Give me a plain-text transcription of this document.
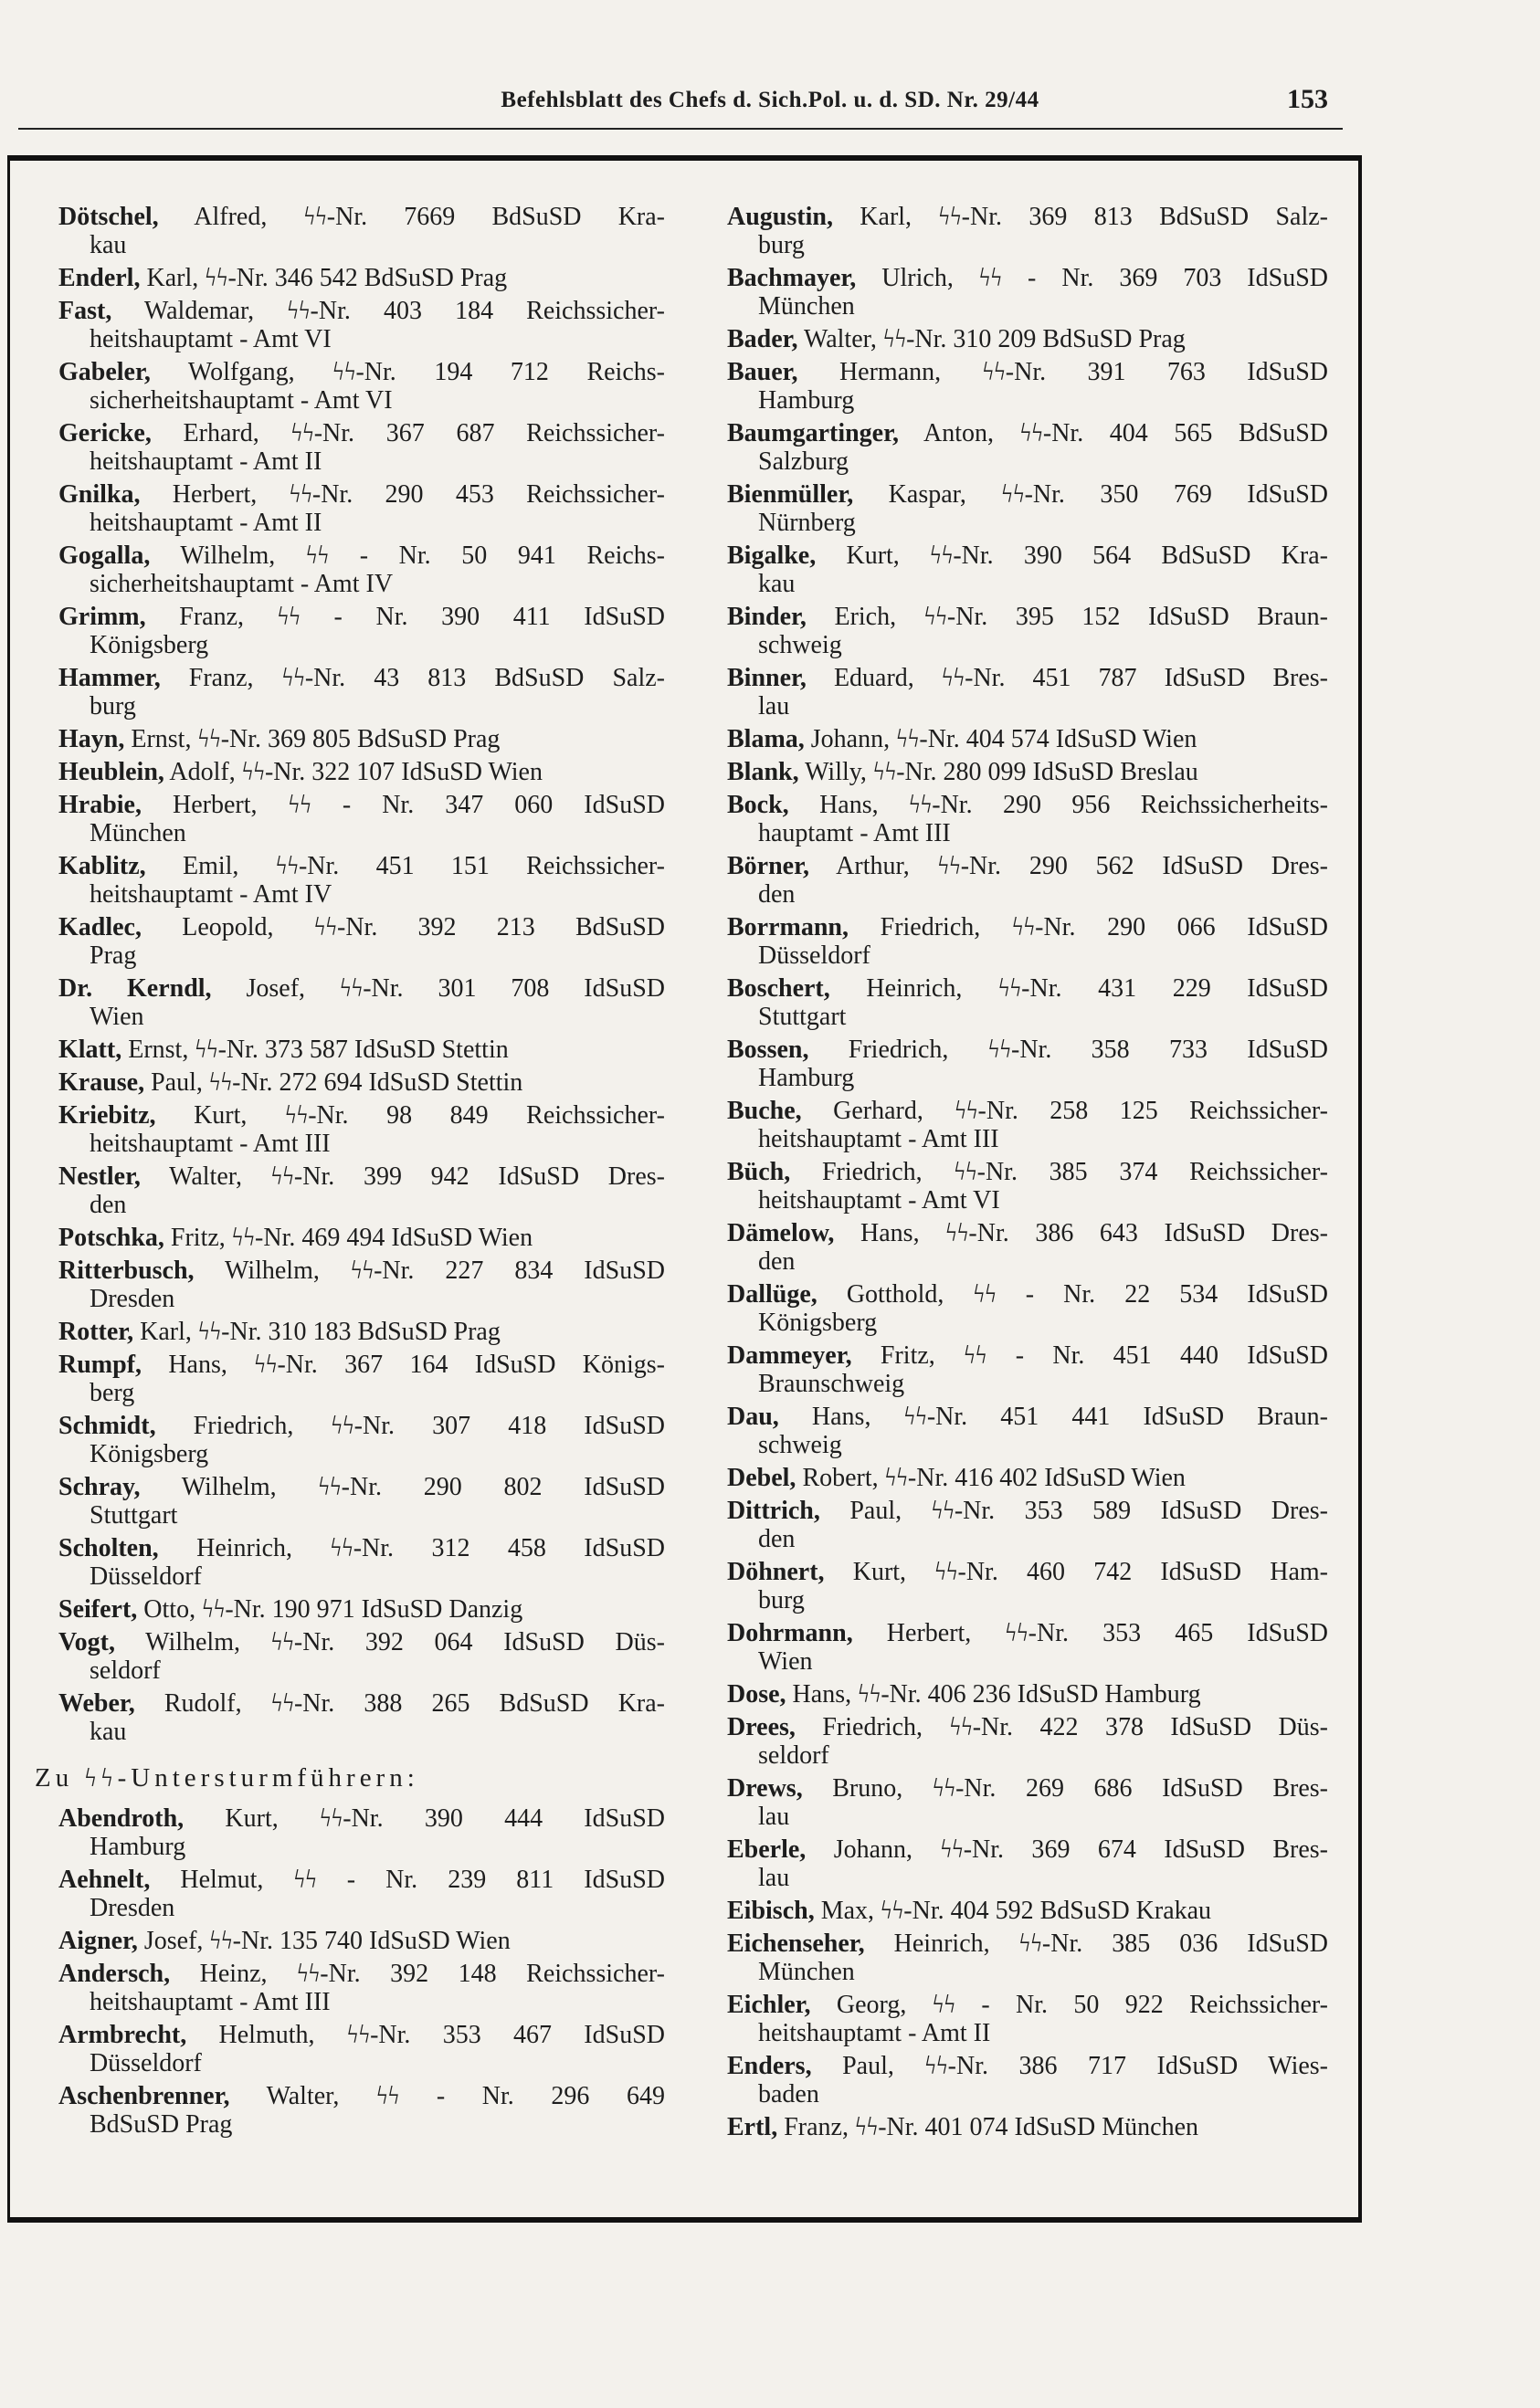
Befehlsblatt des Chefs d. Sich.Pol. u. d. SD. Nr. 29/44	153
Dötschel, Alfred, ϟϟ-Nr. 7669 BdSuSD Kra-
kau
Enderl, Karl, ϟϟ-Nr. 346 542 BdSuSD Prag
Fast, Waldemar, ϟϟ-Nr. 403 184 Reichssicher-
heitshauptamt - Amt VI
Gabeler, Wolfgang, ϟϟ-Nr. 194 712 Reichs-
sicherheitshauptamt - Amt VI
Gericke, Erhard, ϟϟ-Nr. 367 687 Reichssicher-
heitshauptamt - Amt II
Gnilka, Herbert, ϟϟ-Nr. 290 453 Reichssicher-
heitshauptamt - Amt II
Gogalla, Wilhelm, ϟϟ - Nr. 50 941 Reichs-
sicherheitshauptamt - Amt IV
Grimm, Franz, ϟϟ - Nr. 390 411 IdSuSD
Königsberg
Hammer, Franz, ϟϟ-Nr. 43 813 BdSuSD Salz-
burg
Hayn, Ernst, ϟϟ-Nr. 369 805 BdSuSD Prag
Heublein, Adolf, ϟϟ-Nr. 322 107 IdSuSD Wien
Hrabie, Herbert, ϟϟ - Nr. 347 060 IdSuSD
München
Kablitz, Emil, ϟϟ-Nr. 451 151 Reichssicher-
heitshauptamt - Amt IV
Kadlec, Leopold, ϟϟ-Nr. 392 213 BdSuSD
Prag
Dr. Kerndl, Josef, ϟϟ-Nr. 301 708 IdSuSD
Wien
Klatt, Ernst, ϟϟ-Nr. 373 587 IdSuSD Stettin
Krause, Paul, ϟϟ-Nr. 272 694 IdSuSD Stettin
Kriebitz, Kurt, ϟϟ-Nr. 98 849 Reichssicher-
heitshauptamt - Amt III
Nestler, Walter, ϟϟ-Nr. 399 942 IdSuSD Dres-
den
Potschka, Fritz, ϟϟ-Nr. 469 494 IdSuSD Wien
Ritterbusch, Wilhelm, ϟϟ-Nr. 227 834 IdSuSD
Dresden
Rotter, Karl, ϟϟ-Nr. 310 183 BdSuSD Prag
Rumpf, Hans, ϟϟ-Nr. 367 164 IdSuSD Königs-
berg
Schmidt, Friedrich, ϟϟ-Nr. 307 418 IdSuSD
Königsberg
Schray, Wilhelm, ϟϟ-Nr. 290 802 IdSuSD
Stuttgart
Scholten, Heinrich, ϟϟ-Nr. 312 458 IdSuSD
Düsseldorf
Seifert, Otto, ϟϟ-Nr. 190 971 IdSuSD Danzig
Vogt, Wilhelm, ϟϟ-Nr. 392 064 IdSuSD Düs-
seldorf
Weber, Rudolf, ϟϟ-Nr. 388 265 BdSuSD Kra-
kau
Zu ϟϟ-Untersturmführern:
Abendroth, Kurt, ϟϟ-Nr. 390 444 IdSuSD
Hamburg
Aehnelt, Helmut, ϟϟ - Nr. 239 811 IdSuSD
Dresden
Aigner, Josef, ϟϟ-Nr. 135 740 IdSuSD Wien
Andersch, Heinz, ϟϟ-Nr. 392 148 Reichssicher-
heitshauptamt - Amt III
Armbrecht, Helmuth, ϟϟ-Nr. 353 467 IdSuSD
Düsseldorf
Aschenbrenner, Walter, ϟϟ - Nr. 296 649
BdSuSD Prag
Augustin, Karl, ϟϟ-Nr. 369 813 BdSuSD Salz-
burg
Bachmayer, Ulrich, ϟϟ - Nr. 369 703 IdSuSD
München
Bader, Walter, ϟϟ-Nr. 310 209 BdSuSD Prag
Bauer, Hermann, ϟϟ-Nr. 391 763 IdSuSD
Hamburg
Baumgartinger, Anton, ϟϟ-Nr. 404 565 BdSuSD
Salzburg
Bienmüller, Kaspar, ϟϟ-Nr. 350 769 IdSuSD
Nürnberg
Bigalke, Kurt, ϟϟ-Nr. 390 564 BdSuSD Kra-
kau
Binder, Erich, ϟϟ-Nr. 395 152 IdSuSD Braun-
schweig
Binner, Eduard, ϟϟ-Nr. 451 787 IdSuSD Bres-
lau
Blama, Johann, ϟϟ-Nr. 404 574 IdSuSD Wien
Blank, Willy, ϟϟ-Nr. 280 099 IdSuSD Breslau
Bock, Hans, ϟϟ-Nr. 290 956 Reichssicherheits-
hauptamt - Amt III
Börner, Arthur, ϟϟ-Nr. 290 562 IdSuSD Dres-
den
Borrmann, Friedrich, ϟϟ-Nr. 290 066 IdSuSD
Düsseldorf
Boschert, Heinrich, ϟϟ-Nr. 431 229 IdSuSD
Stuttgart
Bossen, Friedrich, ϟϟ-Nr. 358 733 IdSuSD
Hamburg
Buche, Gerhard, ϟϟ-Nr. 258 125 Reichssicher-
heitshauptamt - Amt III
Büch, Friedrich, ϟϟ-Nr. 385 374 Reichssicher-
heitshauptamt - Amt VI
Dämelow, Hans, ϟϟ-Nr. 386 643 IdSuSD Dres-
den
Dallüge, Gotthold, ϟϟ - Nr. 22 534 IdSuSD
Königsberg
Dammeyer, Fritz, ϟϟ - Nr. 451 440 IdSuSD
Braunschweig
Dau, Hans, ϟϟ-Nr. 451 441 IdSuSD Braun-
schweig
Debel, Robert, ϟϟ-Nr. 416 402 IdSuSD Wien
Dittrich, Paul, ϟϟ-Nr. 353 589 IdSuSD Dres-
den
Döhnert, Kurt, ϟϟ-Nr. 460 742 IdSuSD Ham-
burg
Dohrmann, Herbert, ϟϟ-Nr. 353 465 IdSuSD
Wien
Dose, Hans, ϟϟ-Nr. 406 236 IdSuSD Hamburg
Drees, Friedrich, ϟϟ-Nr. 422 378 IdSuSD Düs-
seldorf
Drews, Bruno, ϟϟ-Nr. 269 686 IdSuSD Bres-
lau
Eberle, Johann, ϟϟ-Nr. 369 674 IdSuSD Bres-
lau
Eibisch, Max, ϟϟ-Nr. 404 592 BdSuSD Krakau
Eichenseher, Heinrich, ϟϟ-Nr. 385 036 IdSuSD
München
Eichler, Georg, ϟϟ - Nr. 50 922 Reichssicher-
heitshauptamt - Amt II
Enders, Paul, ϟϟ-Nr. 386 717 IdSuSD Wies-
baden
Ertl, Franz, ϟϟ-Nr. 401 074 IdSuSD München
